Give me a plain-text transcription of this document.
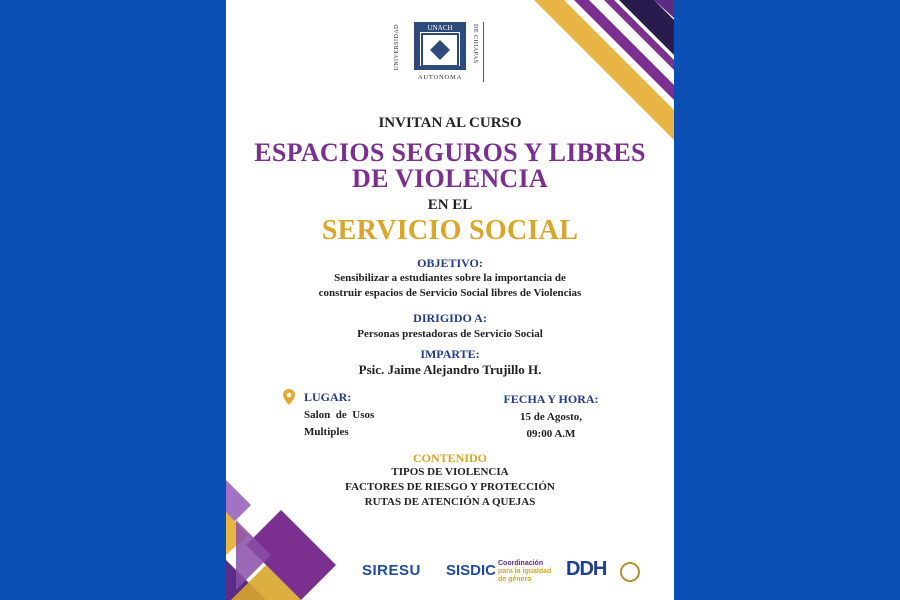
UNIVERSIDAD	UNACH	DE CHIAPAS
AUTONOMA
INVITAN AL CURSO
ESPACIOS SEGUROS Y LIBRES
DE VIOLENCIA
EN EL
SERVICIO SOCIAL
OBJETIVO:
Sensibilizar a estudiantes sobre la importancia de
construir espacios de Servicio Social libres de Violencias
DIRIGIDO A:
Personas prestadoras de Servicio Social
IMPARTE:
Psic. Jaime Alejandro Trujillo H.
LUGAR:
Salon  de  Usos
Multiples
FECHA Y HORA:
15 de Agosto,
09:00 A.M
CONTENIDO
TIPOS DE VIOLENCIA
FACTORES DE RIESGO Y PROTECCIÓN
RUTAS DE ATENCIÓN A QUEJAS
SIRESU SISDIC Coordinación
para la igualdad
de género	DDH
